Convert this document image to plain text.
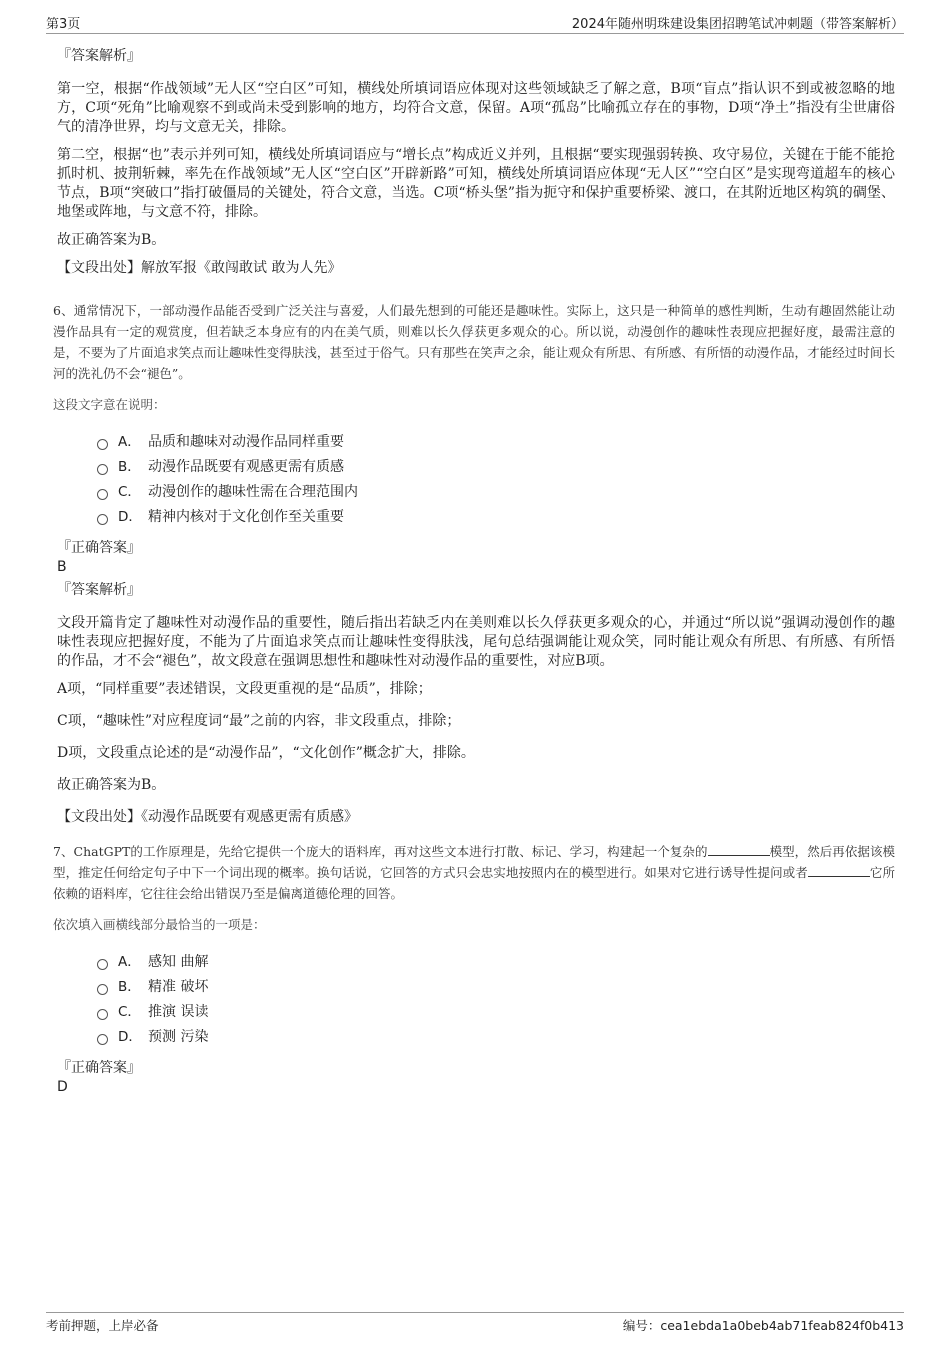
第3页	2024年随州明珠建设集团招聘笔试冲刺题（带答案解析）
『答案解析』

第一空，根据“作战领域”无人区“空白区”可知，横线处所填词语应体现对这些领域缺乏了解之意，B项“盲点”指认识不到或被忽略的地方，C项“死角”比喻观察不到或尚未受到影响的地方，均符合文意，保留。A项“孤岛”比喻孤立存在的事物，D项“净土”指没有尘世庸俗气的清净世界，均与文意无关，排除。

第二空，根据“也”表示并列可知，横线处所填词语应与“增长点”构成近义并列，且根据“要实现强弱转换、攻守易位，关键在于能不能抢抓时机、披荆斩棘，率先在作战领域”无人区“空白区”开辟新路”可知，横线处所填词语应体现“无人区”“空白区”是实现弯道超车的核心节点，B项“突破口”指打破僵局的关键处，符合文意，当选。C项“桥头堡”指为扼守和保护重要桥梁、渡口，在其附近地区构筑的碉堡、地堡或阵地，与文意不符，排除。

故正确答案为B。

【文段出处】解放军报《敢闯敢试 敢为人先》

6、通常情况下，一部动漫作品能否受到广泛关注与喜爱，人们最先想到的可能还是趣味性。实际上，这只是一种简单的感性判断，生动有趣固然能让动漫作品具有一定的观赏度，但若缺乏本身应有的内在美气质，则难以长久俘获更多观众的心。所以说，动漫创作的趣味性表现应把握好度，最需注意的是，不要为了片面追求笑点而让趣味性变得肤浅，甚至过于俗气。只有那些在笑声之余，能让观众有所思、有所感、有所悟的动漫作品，才能经过时间长河的洗礼仍不会“褪色”。

这段文字意在说明：

A． 品质和趣味对动漫作品同样重要
B． 动漫作品既要有观感更需有质感
C． 动漫创作的趣味性需在合理范围内
D． 精神内核对于文化创作至关重要
『正确答案』
B
『答案解析』

文段开篇肯定了趣味性对动漫作品的重要性，随后指出若缺乏内在美则难以长久俘获更多观众的心，并通过“所以说”强调动漫创作的趣味性表现应把握好度，不能为了片面追求笑点而让趣味性变得肤浅，尾句总结强调能让观众笑，同时能让观众有所思、有所感、有所悟的作品，才不会“褪色”，故文段意在强调思想性和趣味性对动漫作品的重要性，对应B项。

A项，“同样重要”表述错误，文段更重视的是“品质”，排除；

C项，“趣味性”对应程度词“最”之前的内容，非文段重点，排除；

D项，文段重点论述的是“动漫作品”，“文化创作”概念扩大，排除。

故正确答案为B。

【文段出处】《动漫作品既要有观感更需有质感》

7、ChatGPT的工作原理是，先给它提供一个庞大的语料库，再对这些文本进行打散、标记、学习，构建起一个复杂的	模型，然后再依据该模型，推定任何给定句子中下一个词出现的概率。换句话说，它回答的方式只会忠实地按照内在的模型进行。如果对它进行诱导性提问或者	它所依赖的语料库，它往往会给出错误乃至是偏离道德伦理的回答。

依次填入画横线部分最恰当的一项是：

A． 感知 曲解
B． 精准 破坏
C． 推演 误读
D． 预测 污染
『正确答案』
D
考前押题，上岸必备	编号：cea1ebda1a0beb4ab71feab824f0b413
